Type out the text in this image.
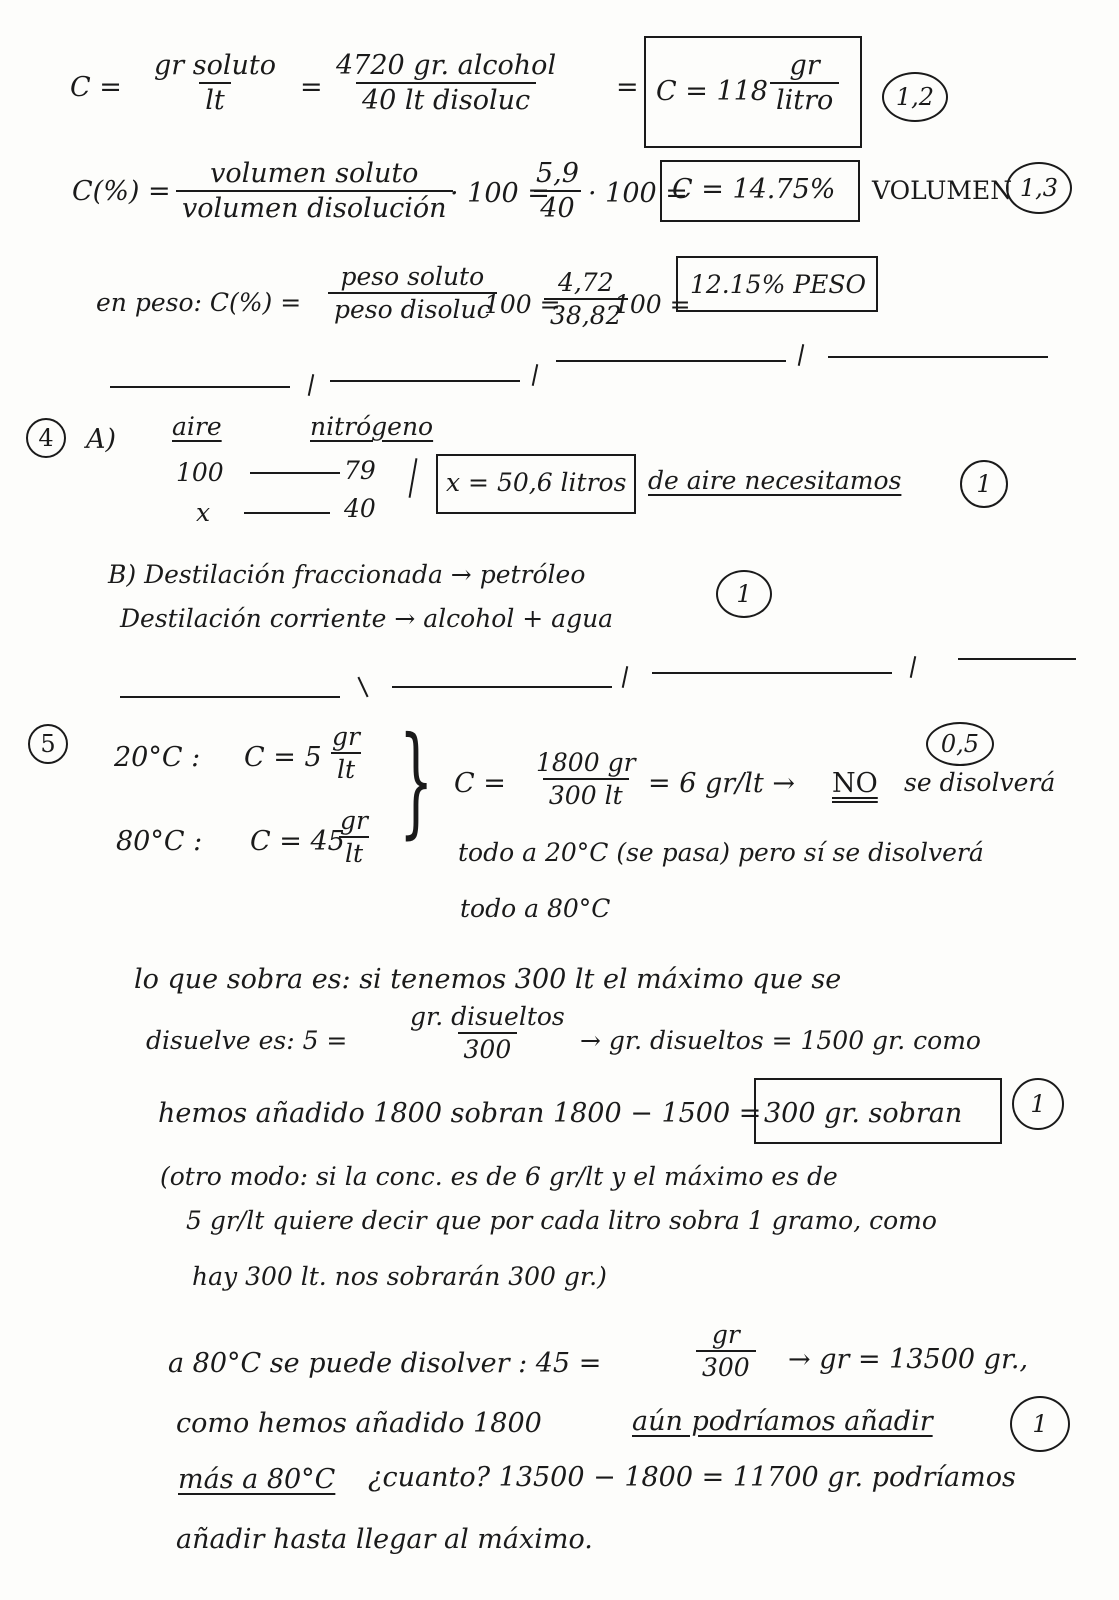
C =
gr soluto
lt	=
4720 gr. alcohol
40 lt disoluc	= C = 118
gr
litro	1,2
C(%) =
volumen soluto
volumen disolución · 100 =
$\frac{5,9}{40} \cdot 100$ =
C = 14.75% VOLUMEN 1,3
en peso: C(%) =
peso soluto
peso disoluc
100 =
$\frac{4,72}{38,82}$
100 =
12.15% PESO
4	A) aire	nitrógeno
100	79
x	40
x = 50,6 litros de aire necesitamos	1
B) Destilación fraccionada → petróleo
Destilación corriente → alcohol + agua
1
5	20°C : $C = 5 \frac{gr}{lt}$
80°C : C = 45
$\frac{gr}{lt}$ }	0,5
$C = \frac{1800 gr}{300 lt} = 6$ gr/lt → NO se disolverá
todo a 20°C (se pasa) pero sí se disolverá
todo a 80°C
lo que sobra es: si tenemos 300 lt el máximo que se
disuelve es: 5 =
gr. disueltos
300	→ gr. disueltos = 1500 gr. como
hemos añadido 1800 sobran 1800 − 1500 = 300 gr. sobran	1
(otro modo: si la conc. es de 6 gr/lt y el máximo es de
5 gr/lt quiere decir que por cada litro sobra 1 gramo, como
hay 300 lt. nos sobrarán 300 gr.)
a 80°C se puede disolver : 45 =	$\frac{gr}{300}$ → gr = 13500 gr.,
como hemos añadido 1800	aún podríamos añadir	1
más a 80°C ¿cuanto? 13500 − 1800 = 11700 gr. podríamos
añadir hasta llegar al máximo.
